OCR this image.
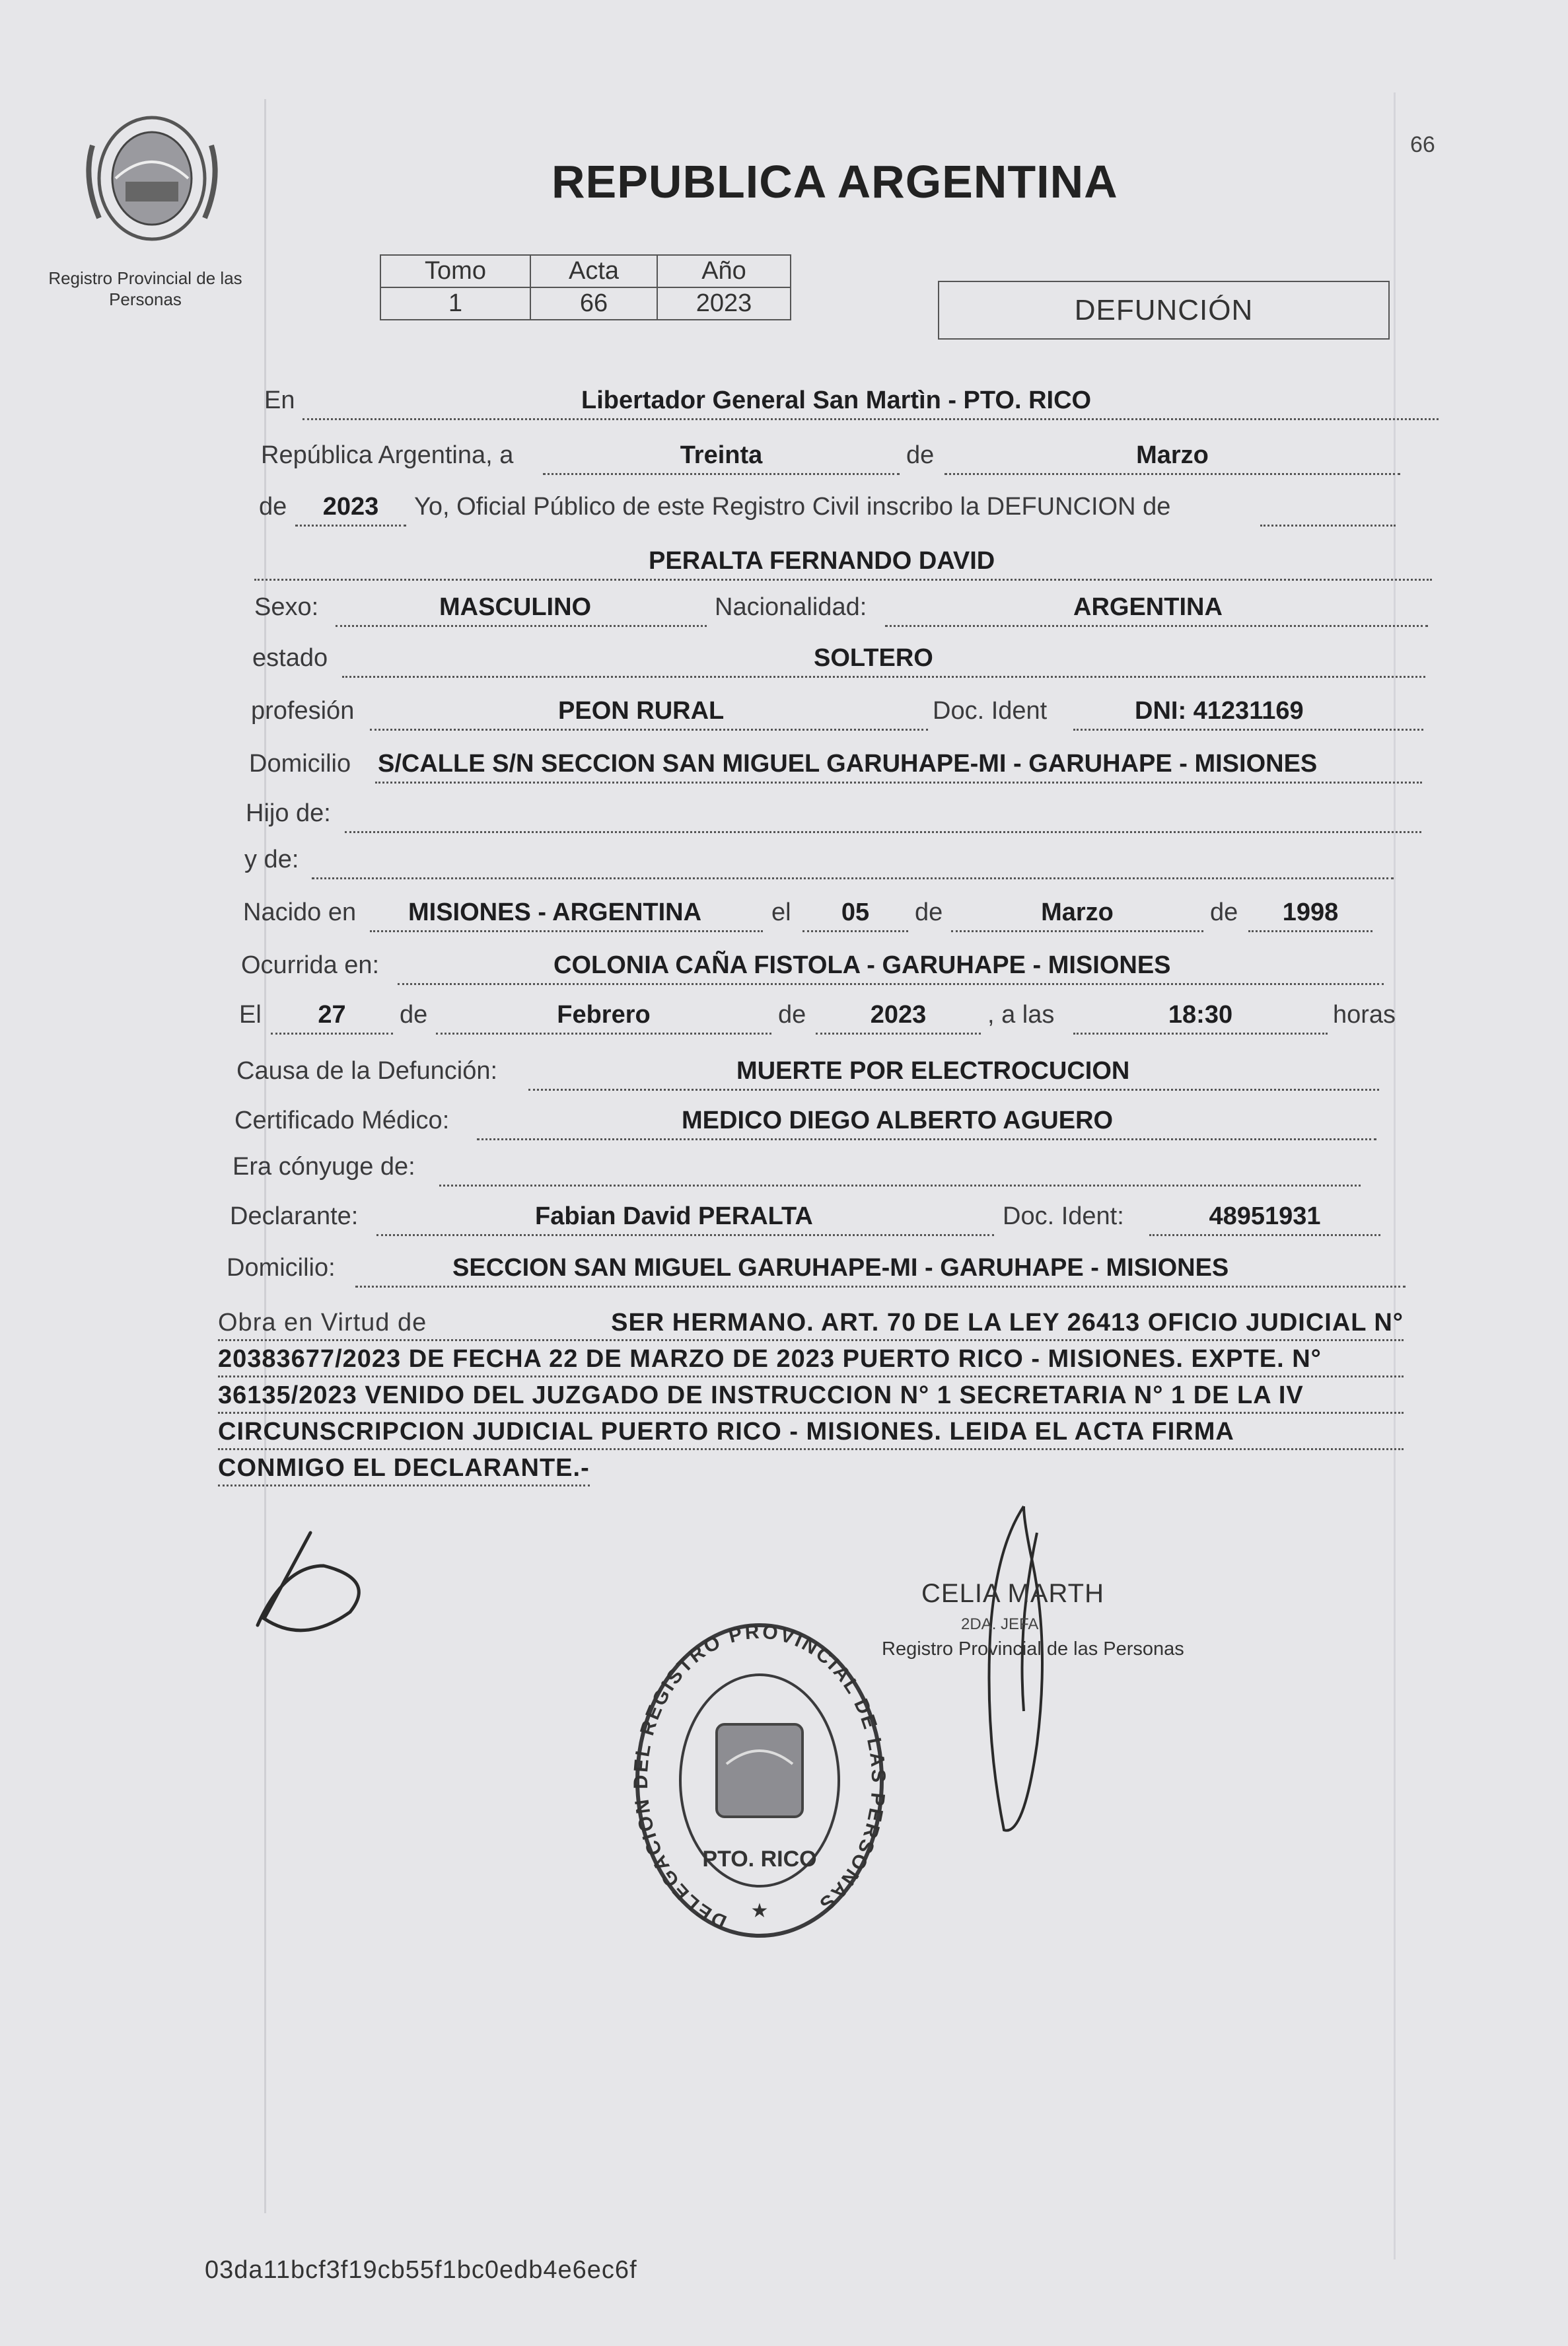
Registro Provincial de las Personas
66
REPUBLICA ARGENTINA
Tomo	Acta	Año
1	66	2023	DEFUNCIÓN
En	Libertador General San Martìn - PTO. RICO
República Argentina, a	Treinta	de	Marzo
de	2023	Yo, Oficial Público de este Registro Civil inscribo la DEFUNCION de
PERALTA FERNANDO DAVID
Sexo:	MASCULINO	Nacionalidad:	ARGENTINA
estado	SOLTERO
profesión	PEON RURAL	Doc. Ident	DNI: 41231169
Domicilio S/CALLE S/N SECCION SAN MIGUEL GARUHAPE-MI - GARUHAPE - MISIONES
Hijo de:
y de:
Nacido en MISIONES - ARGENTINA	el	05	de	Marzo	de	1998
Ocurrida en:	COLONIA CAÑA FISTOLA - GARUHAPE - MISIONES
El	27	de	Febrero	de	2023	, a las	18:30	horas
Causa de la Defunción:	MUERTE POR ELECTROCUCION
Certificado Médico:	MEDICO DIEGO ALBERTO AGUERO
Era cónyuge de:
Declarante:	Fabian David PERALTA	Doc. Ident:	48951931
Domicilio:	SECCION SAN MIGUEL GARUHAPE-MI - GARUHAPE - MISIONES
Obra en Virtud de	SER HERMANO. ART. 70 DE LA LEY 26413 OFICIO JUDICIAL N°
20383677/2023 DE FECHA 22 DE MARZO DE 2023 PUERTO RICO - MISIONES. EXPTE. N°
36135/2023 VENIDO DEL JUZGADO DE INSTRUCCION N° 1 SECRETARIA N° 1 DE LA IV
CIRCUNSCRIPCION JUDICIAL PUERTO RICO - MISIONES. LEIDA EL ACTA FIRMA
CONMIGO EL DECLARANTE.-
CELIA MARTH
2DA. JEFA
Registro Provincial de las Personas
DELEGACION DEL REGISTRO PROVINCIAL DE LAS PERSONAS
PTO. RICO
★
03da11bcf3f19cb55f1bc0edb4e6ec6f
